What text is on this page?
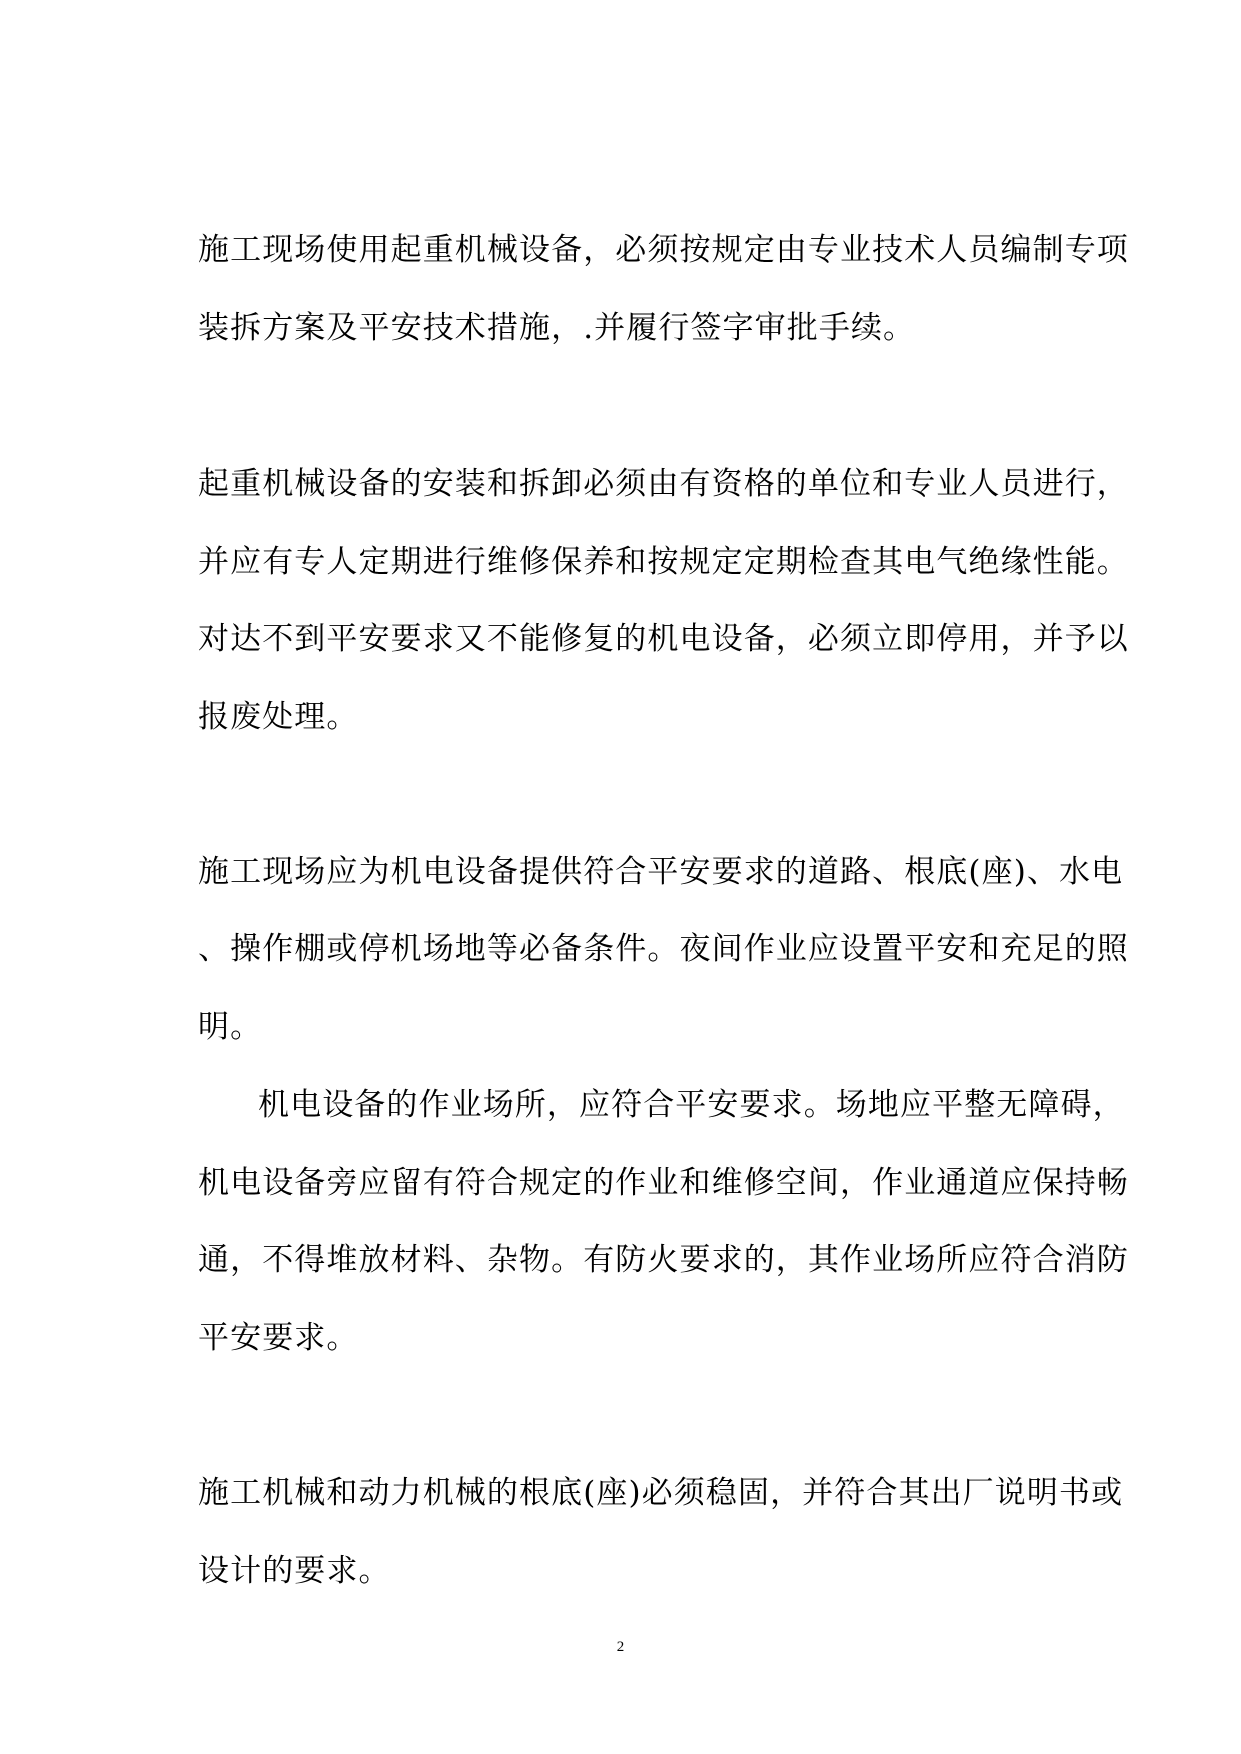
施工现场使用起重机械设备，必须按规定由专业技术人员编制专项
装拆方案及平安技术措施，.并履行签字审批手续。
起重机械设备的安装和拆卸必须由有资格的单位和专业人员进行，
并应有专人定期进行维修保养和按规定定期检查其电气绝缘性能。
对达不到平安要求又不能修复的机电设备，必须立即停用，并予以
报废处理。
施工现场应为机电设备提供符合平安要求的道路、根底(座)、水电
、操作棚或停机场地等必备条件。夜间作业应设置平安和充足的照
明。
机电设备的作业场所，应符合平安要求。场地应平整无障碍，
机电设备旁应留有符合规定的作业和维修空间，作业通道应保持畅
通，不得堆放材料、杂物。有防火要求的，其作业场所应符合消防
平安要求。
施工机械和动力机械的根底(座)必须稳固，并符合其出厂说明书或
设计的要求。
2
